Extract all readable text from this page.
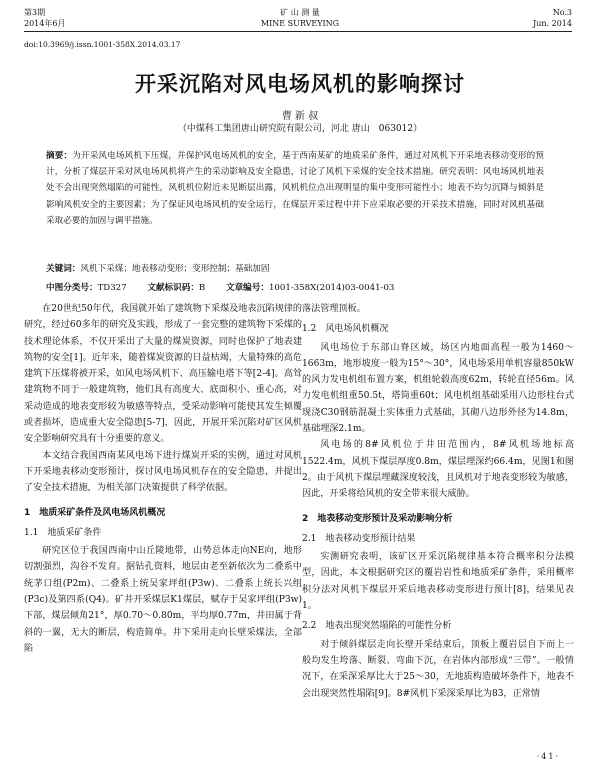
第3期
2014年6月
矿 山 测 量
MINE SURVEYING
No.3
Jun. 2014
doi:10.3969/j.issn.1001-358X.2014.03.17
开采沉陷对风电场风机的影响探讨
曹 新 叔
（中煤科工集团唐山研究院有限公司，河北 唐山　063012）

摘要：为开采风电场风机下压煤，并保护风电场风机的安全，基于西南某矿的地质采矿条件，通过对风机下开采地表移动变形的预计，分析了煤层开采对风电场风机将产生的采动影响及安全隐患，讨论了风机下采煤的安全技术措施。研究表明：风电场风机地表处不会出现突然塌陷的可能性，风机机位附近未见断层出露，风机机位点出现明显的集中变形可能性小；地表不均匀沉降与倾斜是影响风机安全的主要因素；为了保证风电场风机的安全运行，在煤层开采过程中并下应采取必要的开采技术措施，同时对风机基础采取必要的加固与调平措施。

关键词：风机下采煤；地表移动变形；变形控制；基础加固
中图分类号：TD327 文献标识码：B 文章编号：1001-358X(2014)03-0041-03

在20世纪50年代，我国就开始了建筑物下采煤及地表沉陷规律的研究，经过60多年的研究及实践，形成了一套完整的建筑物下采煤的技术理论体系，不仅开采出了大量的煤炭资源，同时也保护了地表建筑物的安全[1]。近年来，随着煤炭资源的日益枯竭，大量特殊的高危建筑下压煤将被开采，如风电场风机下、高压输电塔下等[2-4]。高耸建筑物不同于一般建筑物，他们具有高度大、底面积小、重心高，对采动造成的地表变形较为敏感等特点，受采动影响可能使其发生倾覆或者损坏，造成重大安全隐患[5-7]，因此，开展开采沉陷对矿区风机安全影响研究具有十分重要的意义。

本文结合我国西南某风电场下进行煤炭开采的实例，通过对风机下开采地表移动变形预计，探讨风电场风机存在的安全隐患，并提出了安全技术措施，为相关部门决策提供了科学依据。

1　地质采矿条件及风电场风机概况
1.1　地质采矿条件

研究区位于我国西南中山丘陵地带，山势总体走向NE向，地形切割强烈，沟谷不发育。据钻孔资料，地层由老至新依次为二叠系中统茅口组(P2m)、二叠系上统吴家坪组(P3w)、二叠系上统长兴组(P3c)及第四系(Q4)。矿井开采煤层K1煤层，赋存于吴家坪组(P3w)下部，煤层倾角21°，厚0.70～0.80m，平均厚0.77m，井田属于背斜的一翼，无大的断层，构造简单。井下采用走向长壁采煤法，全部陷

落法管理顶板。

1.2　风电场风机概况

风电场位于东部山脊区域，场区内地面高程一般为1460～1663m，地形坡度一般为15°～30°，风电场采用单机容量850kW的风力发电机组布置方案，机组轮毂高度62m，转轮直径56m。风力发电机组重50.5t，塔筒重60t；风电机组基础采用八边形柱台式现浇C30钢筋混凝土实体重力式基础，其砌八边形外径为14.8m，基础埋深2.1m。

风电场的8#风机位于井田范围内，8#风机场地标高1522.4m，风机下煤层厚度0.8m，煤层埋深约66.4m，见图1和图2。由于风机下煤层埋藏深度较浅，且风机对于地表变形较为敏感，因此，开采将给风机的安全带来很大威胁。

2　地表移动变形预计及采动影响分析
2.1　地表移动变形预计结果

实测研究表明，该矿区开采沉陷规律基本符合概率积分法模型，因此，本文根据研究区的覆岩岩性和地质采矿条件，采用概率积分法对风机下煤层开采后地表移动变形进行预计[8]，结果见表1。

2.2　地表出现突然塌陷的可能性分析

对于倾斜煤层走向长壁开采结束后，顶板上覆岩层自下而上一般均发生垮落、断裂、弯曲下沉，在岩体内部形成“三带”。一般情况下，在采深采厚比大于25～30，无地质构造破坏条件下，地表不会出现突然性塌陷[9]。8#风机下采深采厚比为83，正常情

·41·
